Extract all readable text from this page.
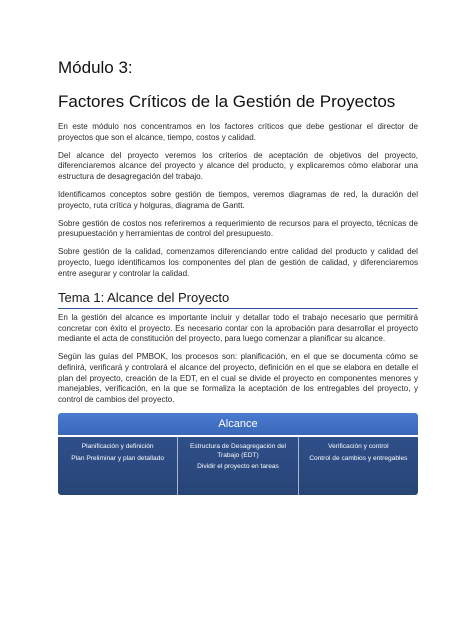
Módulo 3:
Factores Críticos de la Gestión de Proyectos

En este módulo nos concentramos en los factores críticos que debe gestionar el director de proyectos que son el alcance, tiempo, costos y calidad.

Del alcance del proyecto veremos los criterios de aceptación de objetivos del proyecto, diferenciaremos alcance del proyecto y alcance del producto, y explicaremos cómo elaborar una estructura de desagregación del trabajo.

Identificamos conceptos sobre gestión de tiempos, veremos diagramas de red, la duración del proyecto, ruta crítica y holguras, diagrama de Gantt.

Sobre gestión de costos nos referiremos a requerimiento de recursos para el proyecto, técnicas de presupuestación y herramientas de control del presupuesto.

Sobre gestión de la calidad, comenzamos diferenciando entre calidad del producto y calidad del proyecto, luego identificamos los componentes del plan de gestión de calidad, y diferenciaremos entre asegurar y controlar la calidad.

Tema 1: Alcance del Proyecto

En la gestión del alcance es importante incluir y detallar todo el trabajo necesario que permitirá concretar con éxito el proyecto. Es necesario contar con la aprobación para desarrollar el proyecto mediante el acta de constitución del proyecto, para luego comenzar a planificar su alcance.

Según las guías del PMBOK, los procesos son: planificación, en el que se documenta cómo se definirá, verificará y controlará el alcance del proyecto, definición en el que se elabora en detalle el plan del proyecto, creación de la EDT, en el cual se divide el proyecto en componentes menores y manejables, verificación, en la que se formaliza la aceptación de los entregables del proyecto, y control de cambios del proyecto.

Alcance
Planificación y definición
Plan Preliminar y plan detallado
Estructura de Desagregación del Trabajo (EDT)
Dividir el proyecto en tareas
Verificación y control
Control de cambios y entregables
